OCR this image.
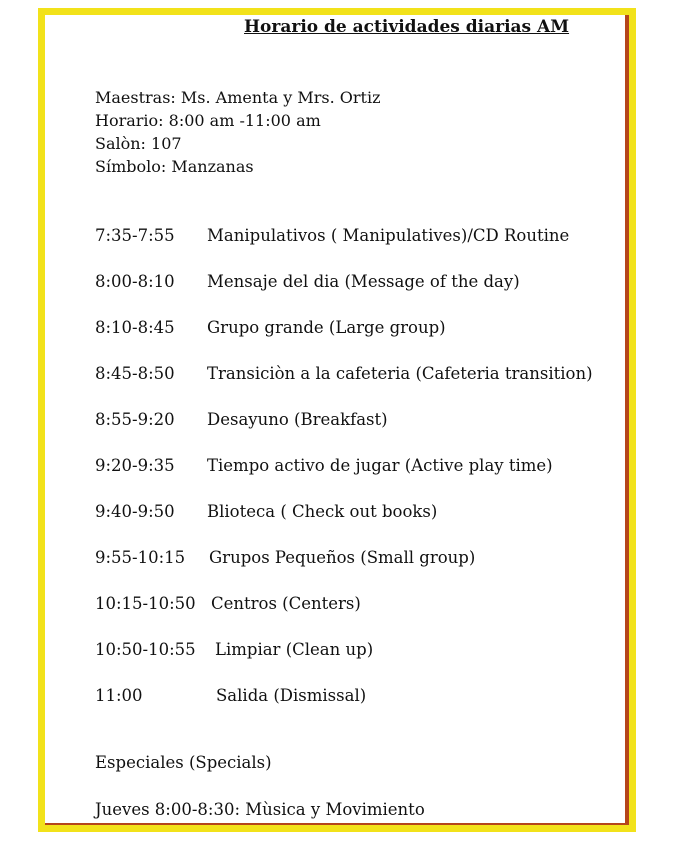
Horario de actividades diarias AM
Maestras: Ms. Amenta y Mrs. Ortiz
Horario: 8:00 am -11:00 am
Salòn: 107
Símbolo: Manzanas
7:35-7:55 Manipulativos ( Manipulatives)/CD Routine
8:00-8:10 Mensaje del dia (Message of the day)
8:10-8:45 Grupo grande (Large group)
8:45-8:50 Transiciòn a la cafeteria (Cafeteria transition)
8:55-9:20 Desayuno (Breakfast)
9:20-9:35 Tiempo activo de jugar (Active play time)
9:40-9:50 Blioteca ( Check out books)
9:55-10:15 Grupos Pequeños (Small group)
10:15-10:50 Centros (Centers)
10:50-10:55 Limpiar (Clean up)
11:00	Salida (Dismissal)
Especiales (Specials)
Jueves 8:00-8:30: Mùsica y Movimiento
